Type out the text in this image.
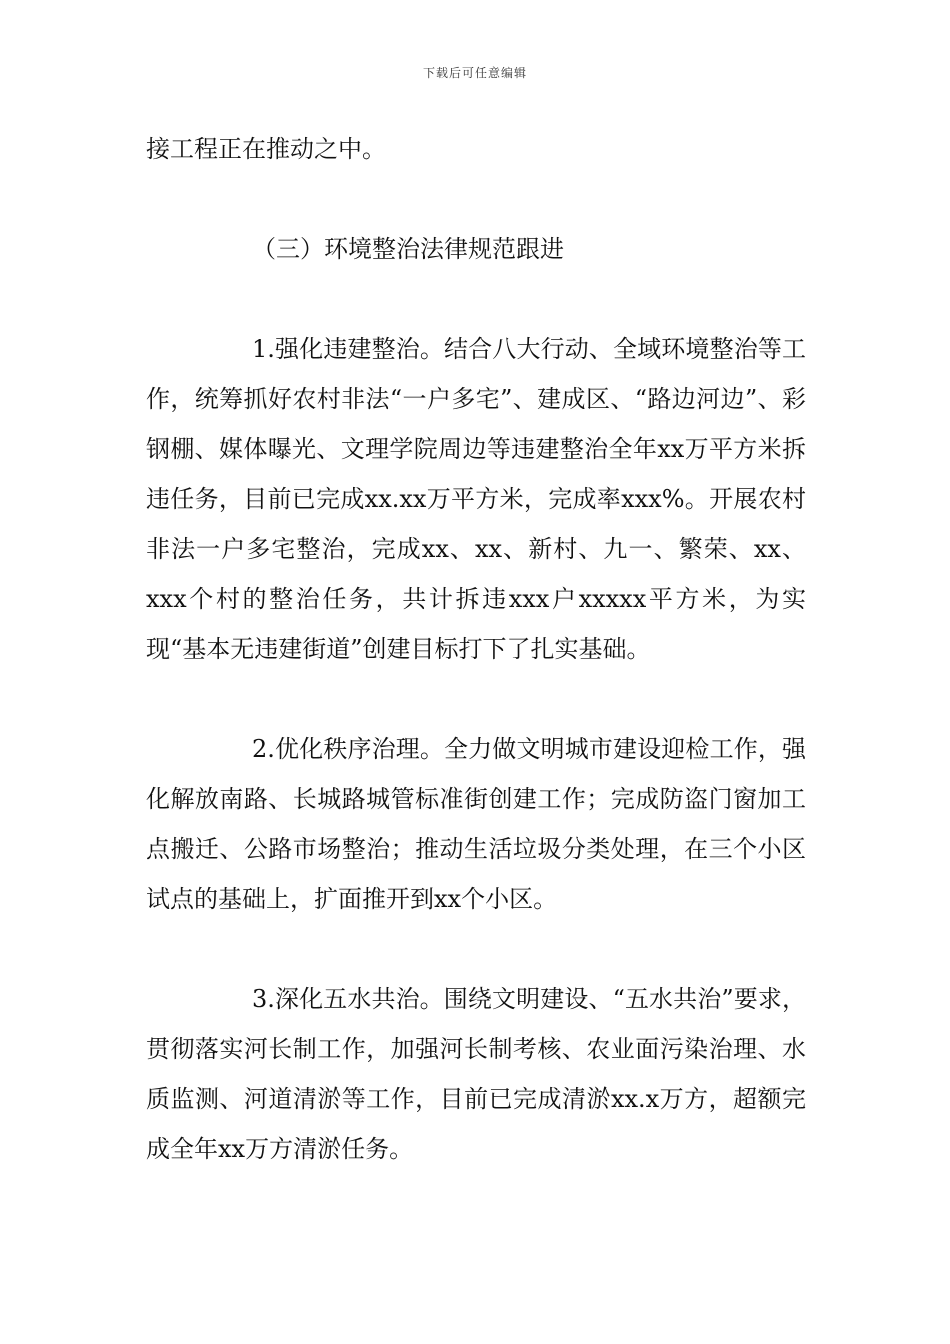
下载后可任意编辑

接工程正在推动之中。

（三）环境整治法律规范跟进

1.强化违建整治。结合八大行动、全域环境整治等工作，统筹抓好农村非法“一户多宅”、建成区、“路边河边”、彩钢棚、媒体曝光、文理学院周边等违建整治全年xx万平方米拆违任务，目前已完成xx.xx万平方米，完成率xxx%。开展农村非法一户多宅整治，完成xx、xx、新村、九一、繁荣、xx、xxx个村的整治任务，共计拆违xxx户xxxxx平方米，为实现“基本无违建街道”创建目标打下了扎实基础。

2.优化秩序治理。全力做文明城市建设迎检工作，强化解放南路、长城路城管标准街创建工作；完成防盗门窗加工点搬迁、公路市场整治；推动生活垃圾分类处理，在三个小区试点的基础上，扩面推开到xx个小区。

3.深化五水共治。围绕文明建设、“五水共治”要求，贯彻落实河长制工作，加强河长制考核、农业面污染治理、水质监测、河道清淤等工作，目前已完成清淤xx.x万方，超额完成全年xx万方清淤任务。
